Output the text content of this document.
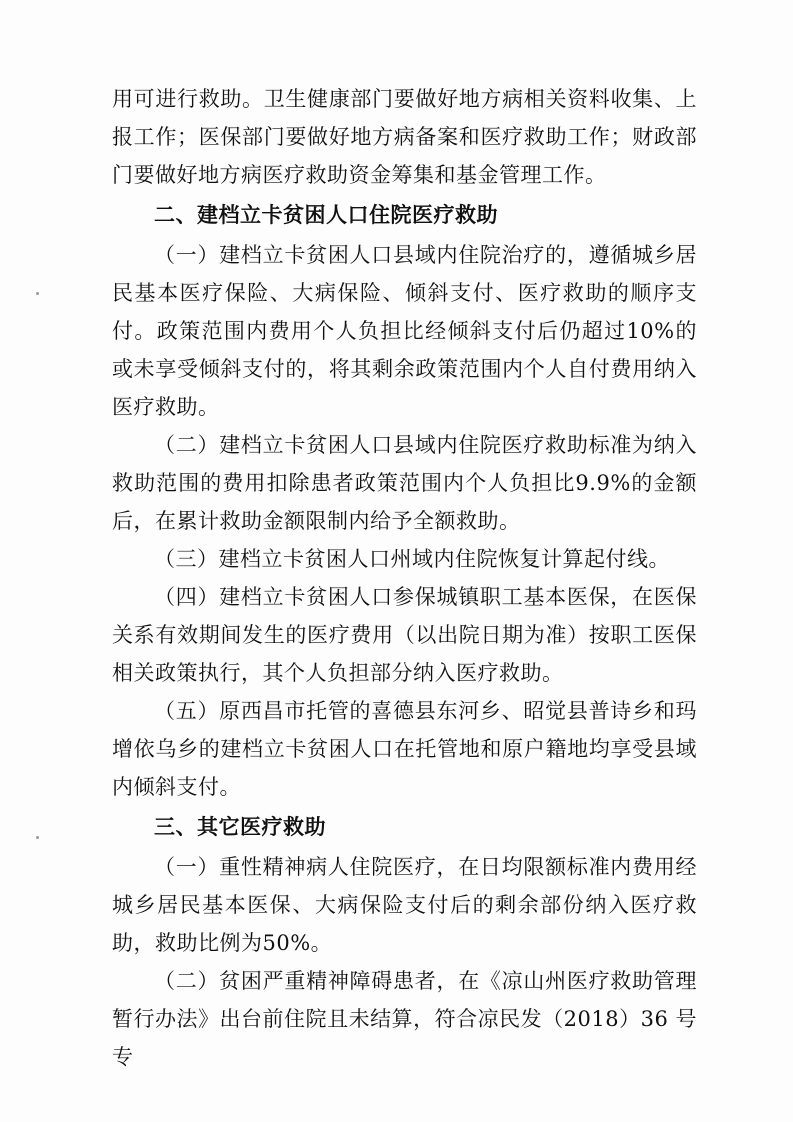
用可进行救助。卫生健康部门要做好地方病相关资料收集、上报工作；医保部门要做好地方病备案和医疗救助工作；财政部门要做好地方病医疗救助资金筹集和基金管理工作。

二、建档立卡贫困人口住院医疗救助

（一）建档立卡贫困人口县域内住院治疗的，遵循城乡居民基本医疗保险、大病保险、倾斜支付、医疗救助的顺序支付。政策范围内费用个人负担比经倾斜支付后仍超过10%的或未享受倾斜支付的，将其剩余政策范围内个人自付费用纳入医疗救助。

（二）建档立卡贫困人口县域内住院医疗救助标准为纳入救助范围的费用扣除患者政策范围内个人负担比9.9%的金额后，在累计救助金额限制内给予全额救助。

（三）建档立卡贫困人口州域内住院恢复计算起付线。

（四）建档立卡贫困人口参保城镇职工基本医保，在医保关系有效期间发生的医疗费用（以出院日期为准）按职工医保相关政策执行，其个人负担部分纳入医疗救助。

（五）原西昌市托管的喜德县东河乡、昭觉县普诗乡和玛增依乌乡的建档立卡贫困人口在托管地和原户籍地均享受县域内倾斜支付。

三、其它医疗救助

（一）重性精神病人住院医疗，在日均限额标准内费用经城乡居民基本医保、大病保险支付后的剩余部份纳入医疗救助，救助比例为50%。

（二）贫困严重精神障碍患者，在《凉山州医疗救助管理暂行办法》出台前住院且未结算，符合凉民发（2018）36 号专
